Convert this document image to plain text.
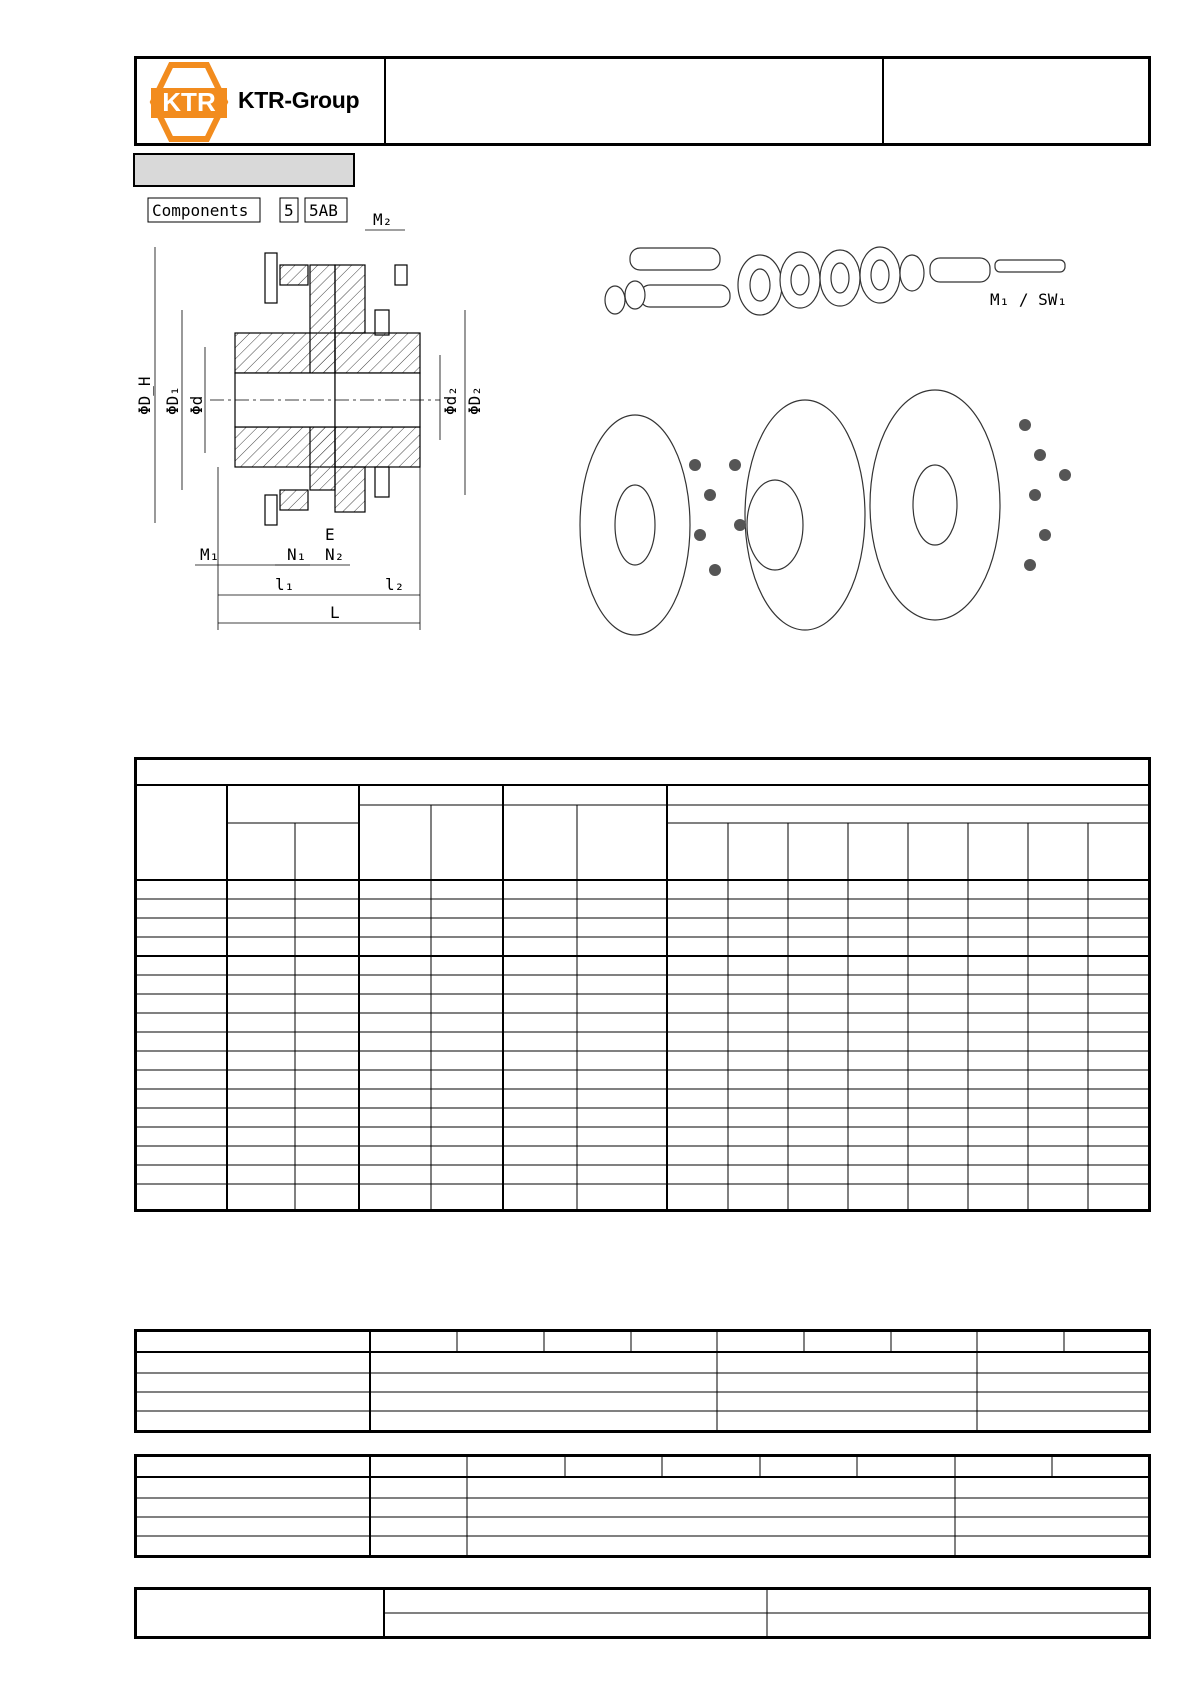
KTR KTR-Group
Components 5 5AB M₂
M₁	N₁ N₂
E
l₁	l₂
L
ΦD_H ΦD₁ Φd	Φd₂ ΦD₂
M₁ / SW₁
